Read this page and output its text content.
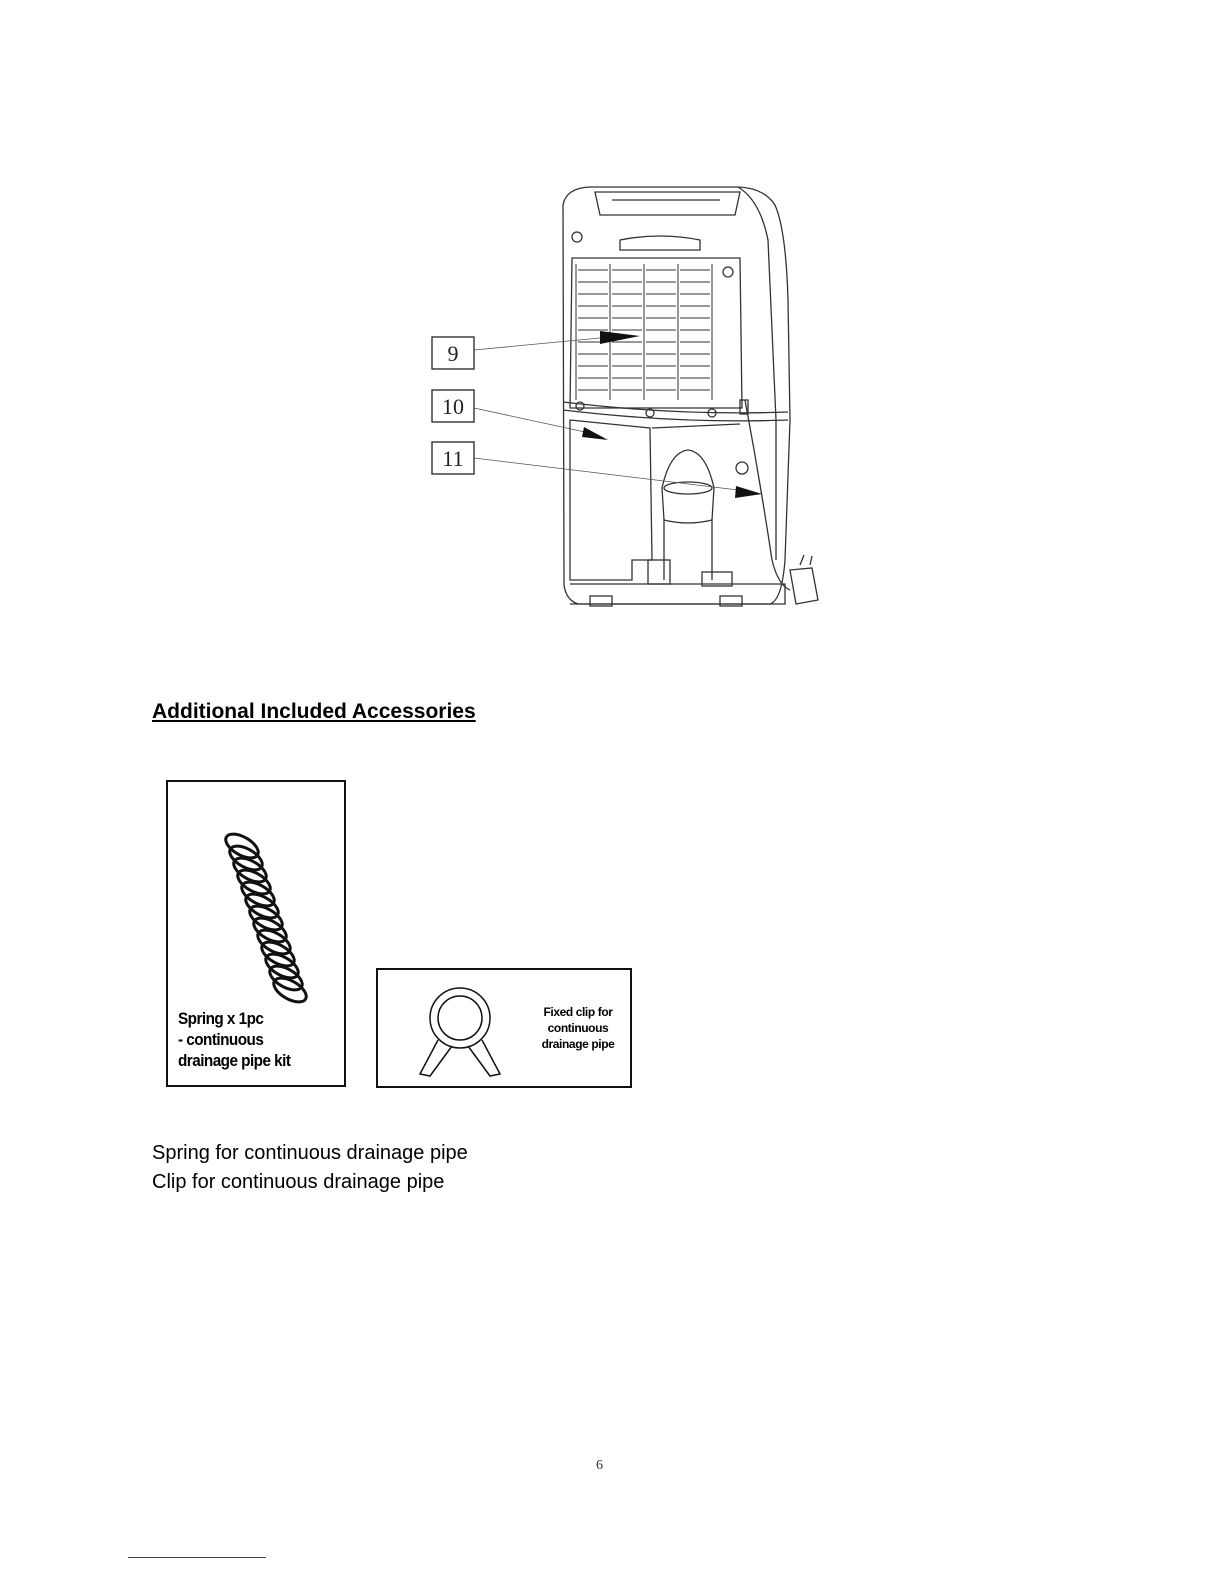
9
10
11
Additional Included Accessories
Spring x 1pc
- continuous
drainage pipe kit
Fixed clip for
continuous
drainage pipe
Spring for continuous drainage pipe
Clip for continuous drainage pipe
6
